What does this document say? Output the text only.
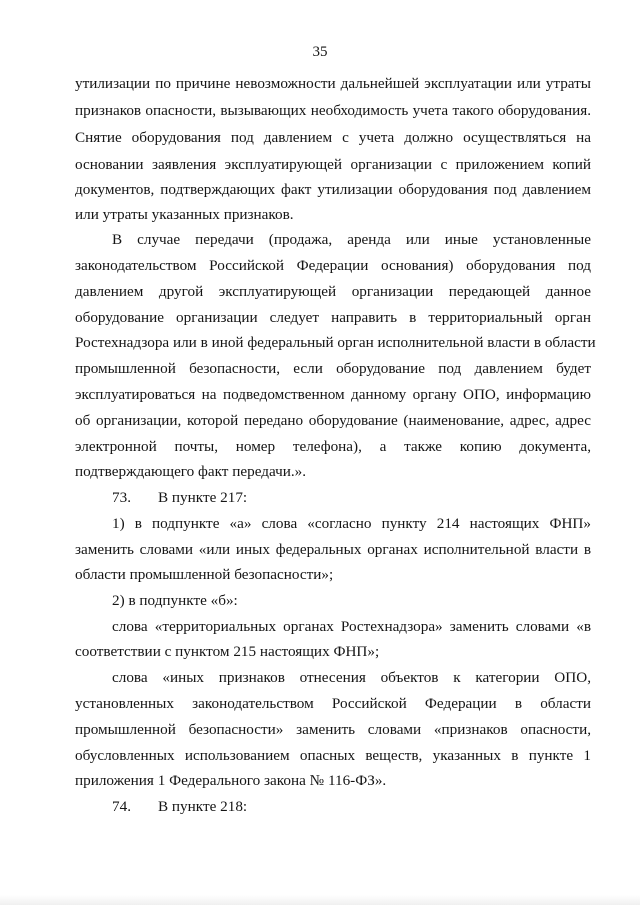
35
утилизации по причине невозможности дальнейшей эксплуатации или утраты
признаков опасности, вызывающих необходимость учета такого оборудования.
Снятие оборудования под давлением с учета должно осуществляться на
основании заявления эксплуатирующей организации с приложением копий
документов, подтверждающих факт утилизации оборудования под давлением
или утраты указанных признаков.
В случае передачи (продажа, аренда или иные установленные
законодательством Российской Федерации основания) оборудования под
давлением другой эксплуатирующей организации передающей данное
оборудование организации следует направить в территориальный орган
Ростехнадзора или в иной федеральный орган исполнительной власти в области
промышленной безопасности, если оборудование под давлением будет
эксплуатироваться на подведомственном данному органу ОПО, информацию
об организации, которой передано оборудование (наименование, адрес, адрес
электронной почты, номер телефона), а также копию документа,
подтверждающего факт передачи.».
73.	В пункте 217:
1) в подпункте «а» слова «согласно пункту 214 настоящих ФНП»
заменить словами «или иных федеральных органах исполнительной власти в
области промышленной безопасности»;
2) в подпункте «б»:
слова «территориальных органах Ростехнадзора» заменить словами «в
соответствии с пунктом 215 настоящих ФНП»;
слова «иных признаков отнесения объектов к категории ОПО,
установленных законодательством Российской Федерации в области
промышленной безопасности» заменить словами «признаков опасности,
обусловленных использованием опасных веществ, указанных в пункте 1
приложения 1 Федерального закона № 116-ФЗ».
74.	В пункте 218:
